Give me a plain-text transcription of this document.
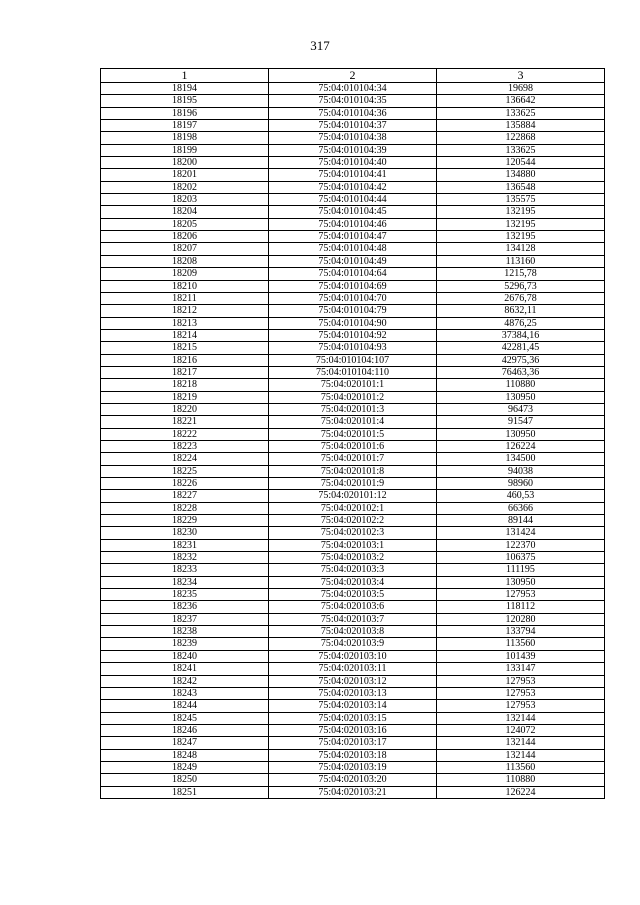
317
1	2	3
18194	75:04:010104:34	19698
18195	75:04:010104:35	136642
18196	75:04:010104:36	133625
18197	75:04:010104:37	135884
18198	75:04:010104:38	122868
18199	75:04:010104:39	133625
18200	75:04:010104:40	120544
18201	75:04:010104:41	134880
18202	75:04:010104:42	136548
18203	75:04:010104:44	135575
18204	75:04:010104:45	132195
18205	75:04:010104:46	132195
18206	75:04:010104:47	132195
18207	75:04:010104:48	134128
18208	75:04:010104:49	113160
18209	75:04:010104:64	1215,78
18210	75:04:010104:69	5296,73
18211	75:04:010104:70	2676,78
18212	75:04:010104:79	8632,11
18213	75:04:010104:90	4876,25
18214	75:04:010104:92	37384,16
18215	75:04:010104:93	42281,45
18216	75:04:010104:107	42975,36
18217	75:04:010104:110	76463,36
18218	75:04:020101:1	110880
18219	75:04:020101:2	130950
18220	75:04:020101:3	96473
18221	75:04:020101:4	91547
18222	75:04:020101:5	130950
18223	75:04:020101:6	126224
18224	75:04:020101:7	134500
18225	75:04:020101:8	94038
18226	75:04:020101:9	98960
18227	75:04:020101:12	460,53
18228	75:04:020102:1	66366
18229	75:04:020102:2	89144
18230	75:04:020102:3	131424
18231	75:04:020103:1	122370
18232	75:04:020103:2	106375
18233	75:04:020103:3	111195
18234	75:04:020103:4	130950
18235	75:04:020103:5	127953
18236	75:04:020103:6	118112
18237	75:04:020103:7	120280
18238	75:04:020103:8	133794
18239	75:04:020103:9	113560
18240	75:04:020103:10	101439
18241	75:04:020103:11	133147
18242	75:04:020103:12	127953
18243	75:04:020103:13	127953
18244	75:04:020103:14	127953
18245	75:04:020103:15	132144
18246	75:04:020103:16	124072
18247	75:04:020103:17	132144
18248	75:04:020103:18	132144
18249	75:04:020103:19	113560
18250	75:04:020103:20	110880
18251	75:04:020103:21	126224
